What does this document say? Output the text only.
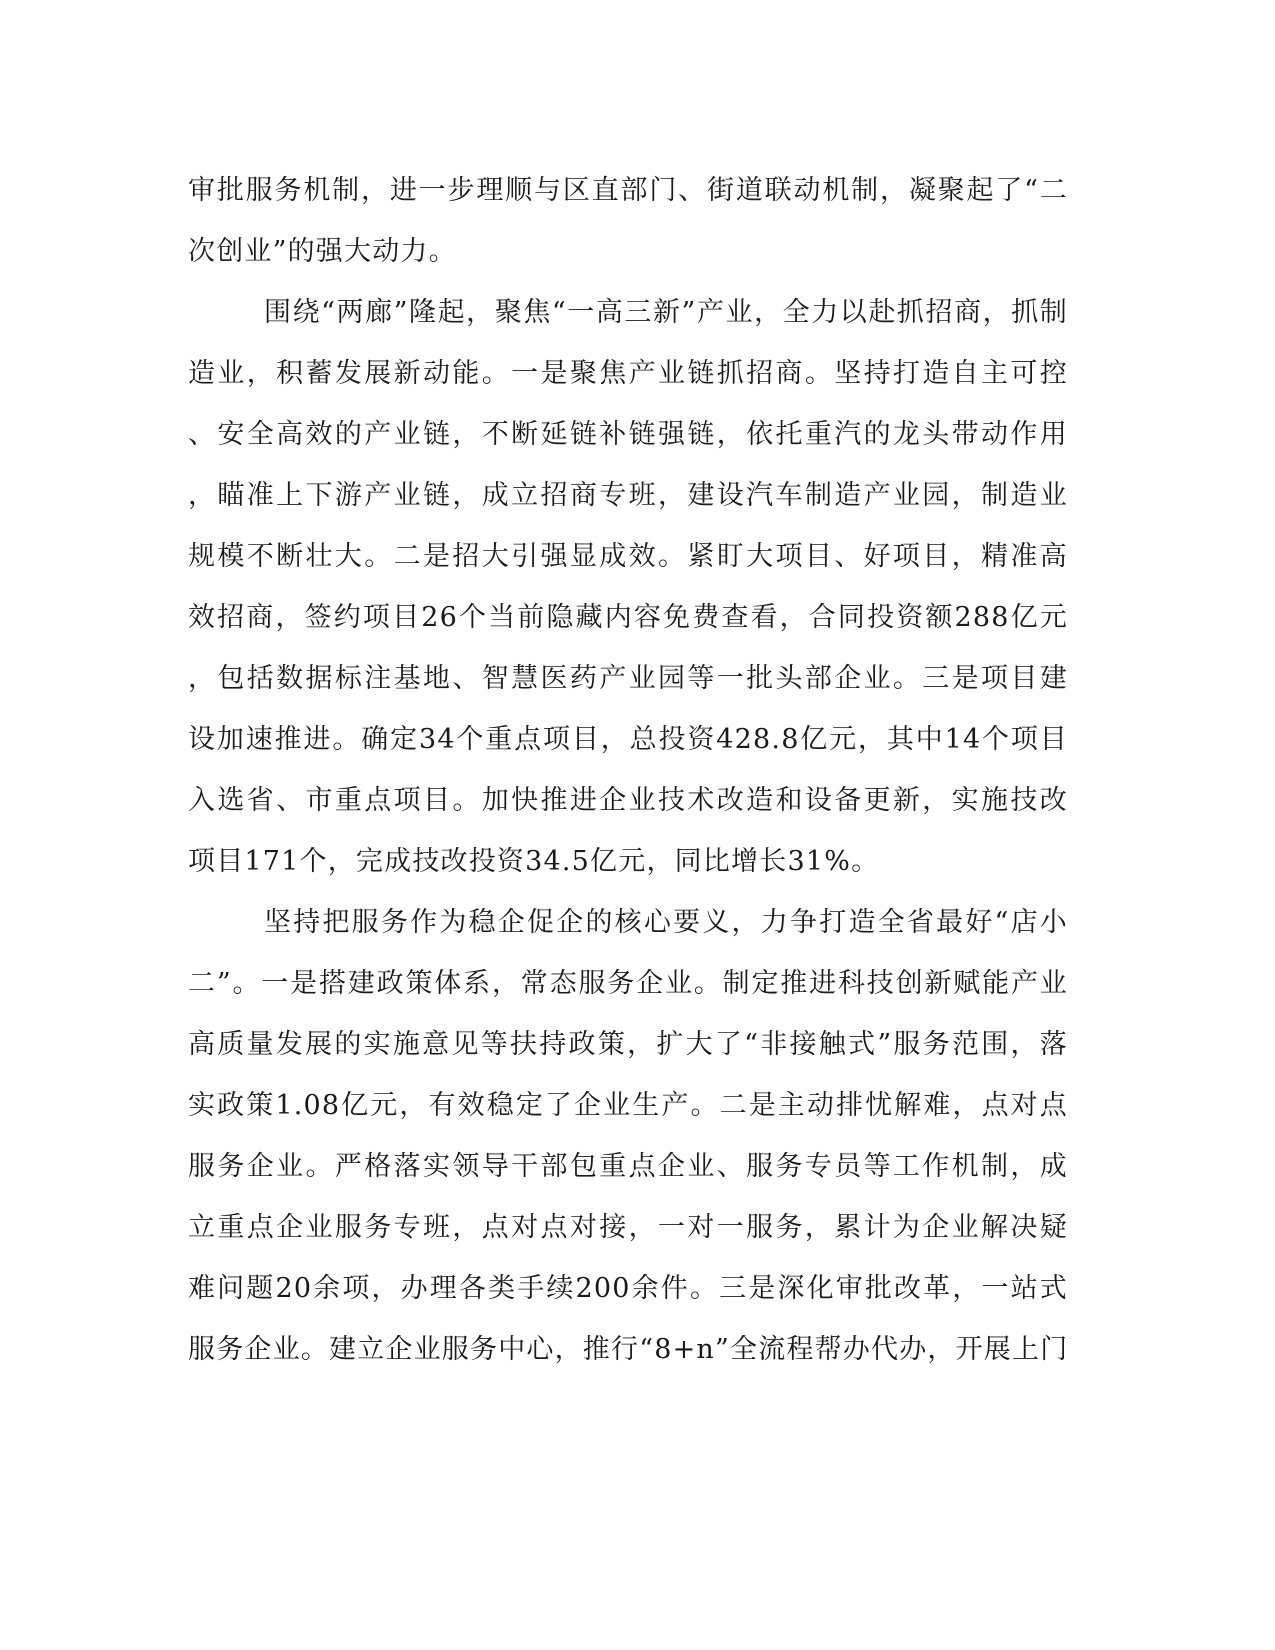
审批服务机制，进一步理顺与区直部门、街道联动机制，凝聚起了“二
次创业”的强大动力。
围绕“两廊”隆起，聚焦“一高三新”产业，全力以赴抓招商，抓制
造业，积蓄发展新动能。一是聚焦产业链抓招商。坚持打造自主可控
、安全高效的产业链，不断延链补链强链，依托重汽的龙头带动作用
，瞄准上下游产业链，成立招商专班，建设汽车制造产业园，制造业
规模不断壮大。二是招大引强显成效。紧盯大项目、好项目，精准高
效招商，签约项目26个当前隐藏内容免费查看，合同投资额288亿元
，包括数据标注基地、智慧医药产业园等一批头部企业。三是项目建
设加速推进。确定34个重点项目，总投资428.8亿元，其中14个项目
入选省、市重点项目。加快推进企业技术改造和设备更新，实施技改
项目171个，完成技改投资34.5亿元，同比增长31%。
坚持把服务作为稳企促企的核心要义，力争打造全省最好“店小
二”。一是搭建政策体系，常态服务企业。制定推进科技创新赋能产业
高质量发展的实施意见等扶持政策，扩大了“非接触式”服务范围，落
实政策1.08亿元，有效稳定了企业生产。二是主动排忧解难，点对点
服务企业。严格落实领导干部包重点企业、服务专员等工作机制，成
立重点企业服务专班，点对点对接，一对一服务，累计为企业解决疑
难问题20余项，办理各类手续200余件。三是深化审批改革，一站式
服务企业。建立企业服务中心，推行“8+n”全流程帮办代办，开展上门
